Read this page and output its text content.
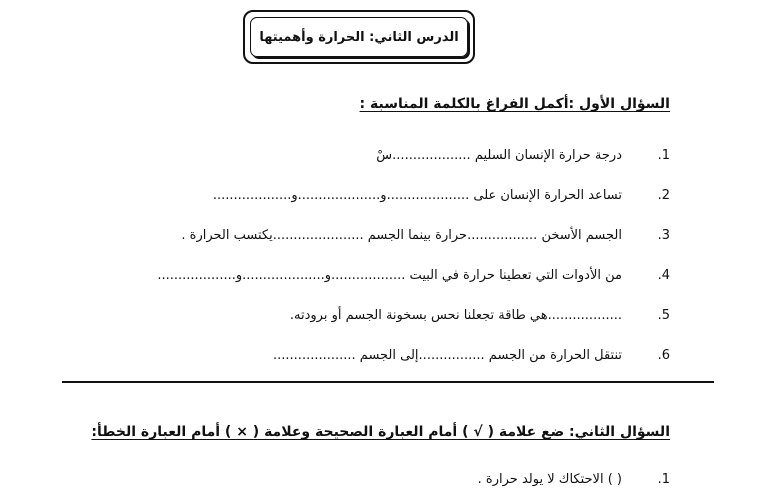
الدرس الثاني: الحرارة وأهميتها
السؤال الأول :أكمل الفراغ بالكلمة المناسبة :
1.
درجة حرارة الإنسان السليم ...................سْ
2.
تساعد الحرارة الإنسان على ....................و....................و...................
3.
الجسم الأسخن .................حرارة بينما الجسم ......................يكتسب الحرارة .
4.
من الأدوات التي تعطينا حرارة في البيت ..................و....................و...................
5.
..................هي طاقة تجعلنا نحس بسخونة الجسم أو برودته.
6.
تنتقل الحرارة من الجسم ................إلى الجسم ....................
السؤال الثاني: ضع علامة ( √ ) أمام العبارة الصحيحة وعلامة ( × ) أمام العبارة الخطأ:
1.
( ) الاحتكاك لا يولد حرارة .
